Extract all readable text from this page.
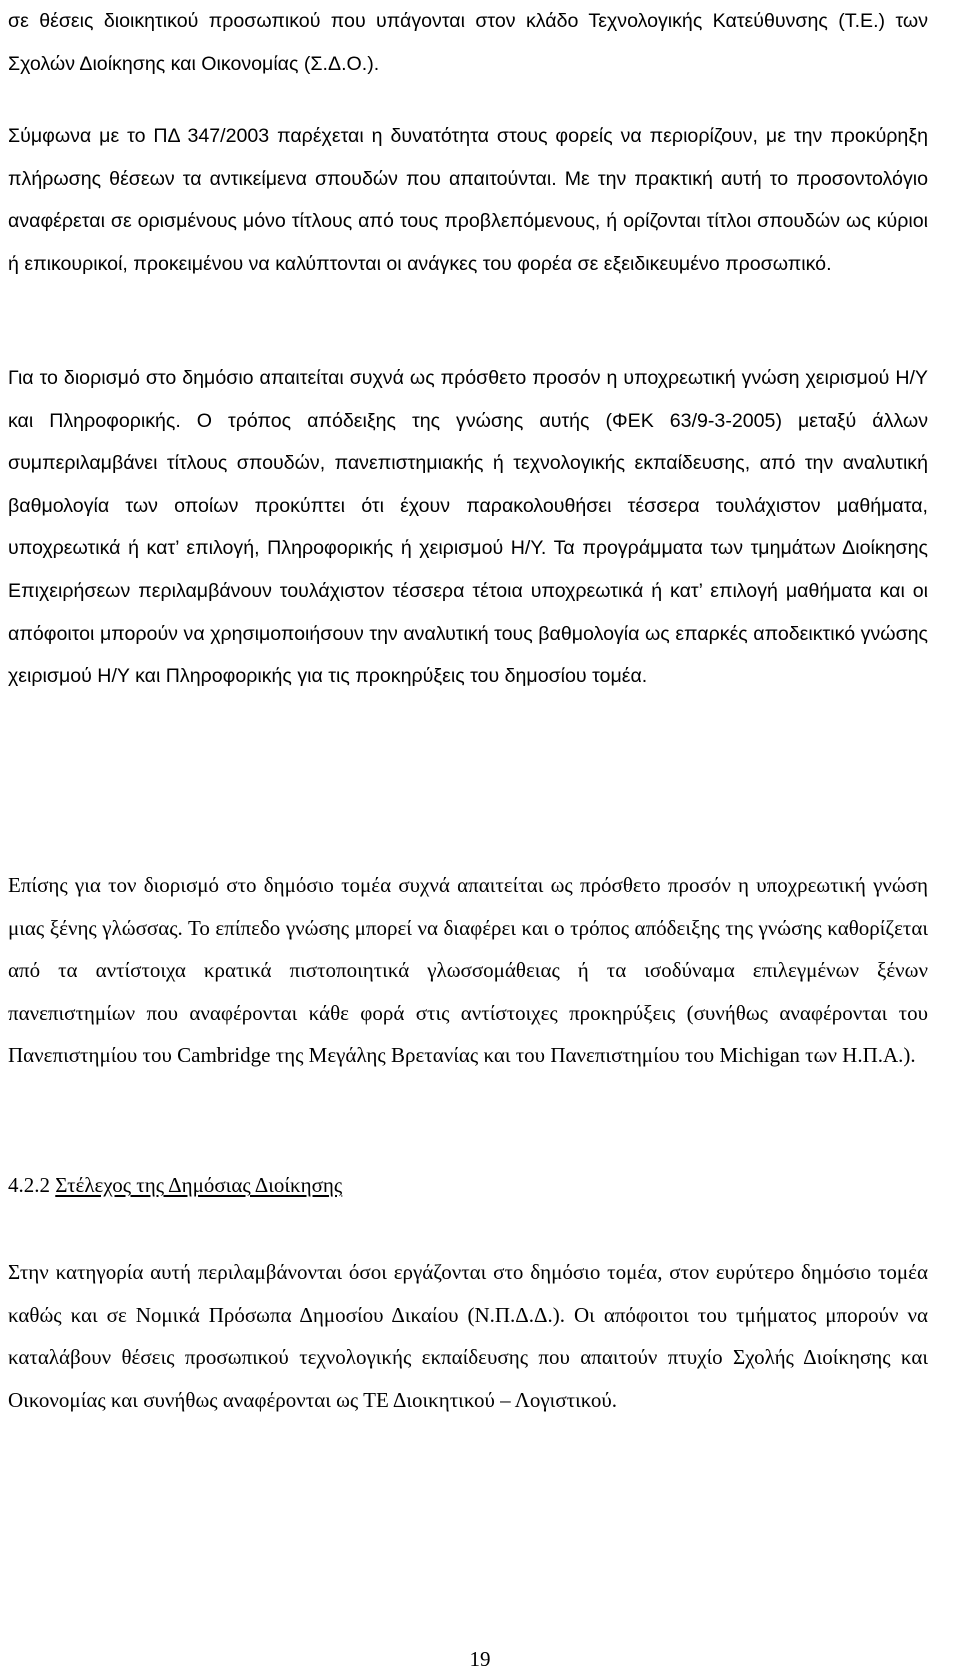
σε θέσεις διοικητικού προσωπικού που υπάγονται στον κλάδο Τεχνολογικής Κατεύθυνσης (Τ.Ε.) των Σχολών Διοίκησης και Οικονομίας (Σ.Δ.Ο.).

Σύμφωνα με το ΠΔ 347/2003 παρέχεται η δυνατότητα στους φορείς να περιορίζουν, με την προκύρηξη πλήρωσης θέσεων τα αντικείμενα σπουδών που απαιτούνται. Με την πρακτική αυτή το προσοντολόγιο αναφέρεται σε ορισμένους μόνο τίτλους από τους προβλεπόμενους, ή ορίζονται τίτλοι σπουδών ως κύριοι ή επικουρικοί, προκειμένου να καλύπτονται οι ανάγκες του φορέα σε εξειδικευμένο προσωπικό.

Για το διορισμό στο δημόσιο απαιτείται συχνά ως πρόσθετο προσόν η υποχρεωτική γνώση χειρισμού Η/Υ και Πληροφορικής. Ο τρόπος απόδειξης της γνώσης αυτής (ΦΕΚ 63/9-3-2005) μεταξύ άλλων συμπεριλαμβάνει τίτλους σπουδών, πανεπιστημιακής ή τεχνολογικής εκπαίδευσης, από την αναλυτική βαθμολογία των οποίων προκύπτει ότι έχουν παρακολουθήσει τέσσερα τουλάχιστον μαθήματα, υποχρεωτικά ή κατ’ επιλογή, Πληροφορικής ή χειρισμού Η/Υ. Τα προγράμματα των τμημάτων Διοίκησης Επιχειρήσεων περιλαμβάνουν τουλάχιστον τέσσερα τέτοια υποχρεωτικά ή κατ’ επιλογή μαθήματα και οι απόφοιτοι μπορούν να χρησιμοποιήσουν την αναλυτική τους βαθμολογία ως επαρκές αποδεικτικό γνώσης χειρισμού Η/Υ και Πληροφορικής για τις προκηρύξεις του δημοσίου τομέα.

Επίσης για τον διορισμό στο δημόσιο τομέα συχνά απαιτείται ως πρόσθετο προσόν η υποχρεωτική γνώση μιας ξένης γλώσσας. Το επίπεδο γνώσης μπορεί να διαφέρει και ο τρόπος απόδειξης της γνώσης καθορίζεται από τα αντίστοιχα κρατικά πιστοποιητικά γλωσσομάθειας ή τα ισοδύναμα επιλεγμένων ξένων πανεπιστημίων που αναφέρονται κάθε φορά στις αντίστοιχες προκηρύξεις (συνήθως αναφέρονται του Πανεπιστημίου του Cambridge της Μεγάλης Βρετανίας και του Πανεπιστημίου του Michigan των Η.Π.Α.).

4.2.2 Στέλεχος της Δημόσιας Διοίκησης

Στην κατηγορία αυτή περιλαμβάνονται όσοι εργάζονται στο δημόσιο τομέα, στον ευρύτερο δημόσιο τομέα καθώς και σε Νομικά Πρόσωπα Δημοσίου Δικαίου (Ν.Π.Δ.Δ.). Οι απόφοιτοι του τμήματος μπορούν να καταλάβουν θέσεις προσωπικού τεχνολογικής εκπαίδευσης που απαιτούν πτυχίο Σχολής Διοίκησης και Οικονομίας και συνήθως αναφέρονται ως ΤΕ Διοικητικού – Λογιστικού.

19
